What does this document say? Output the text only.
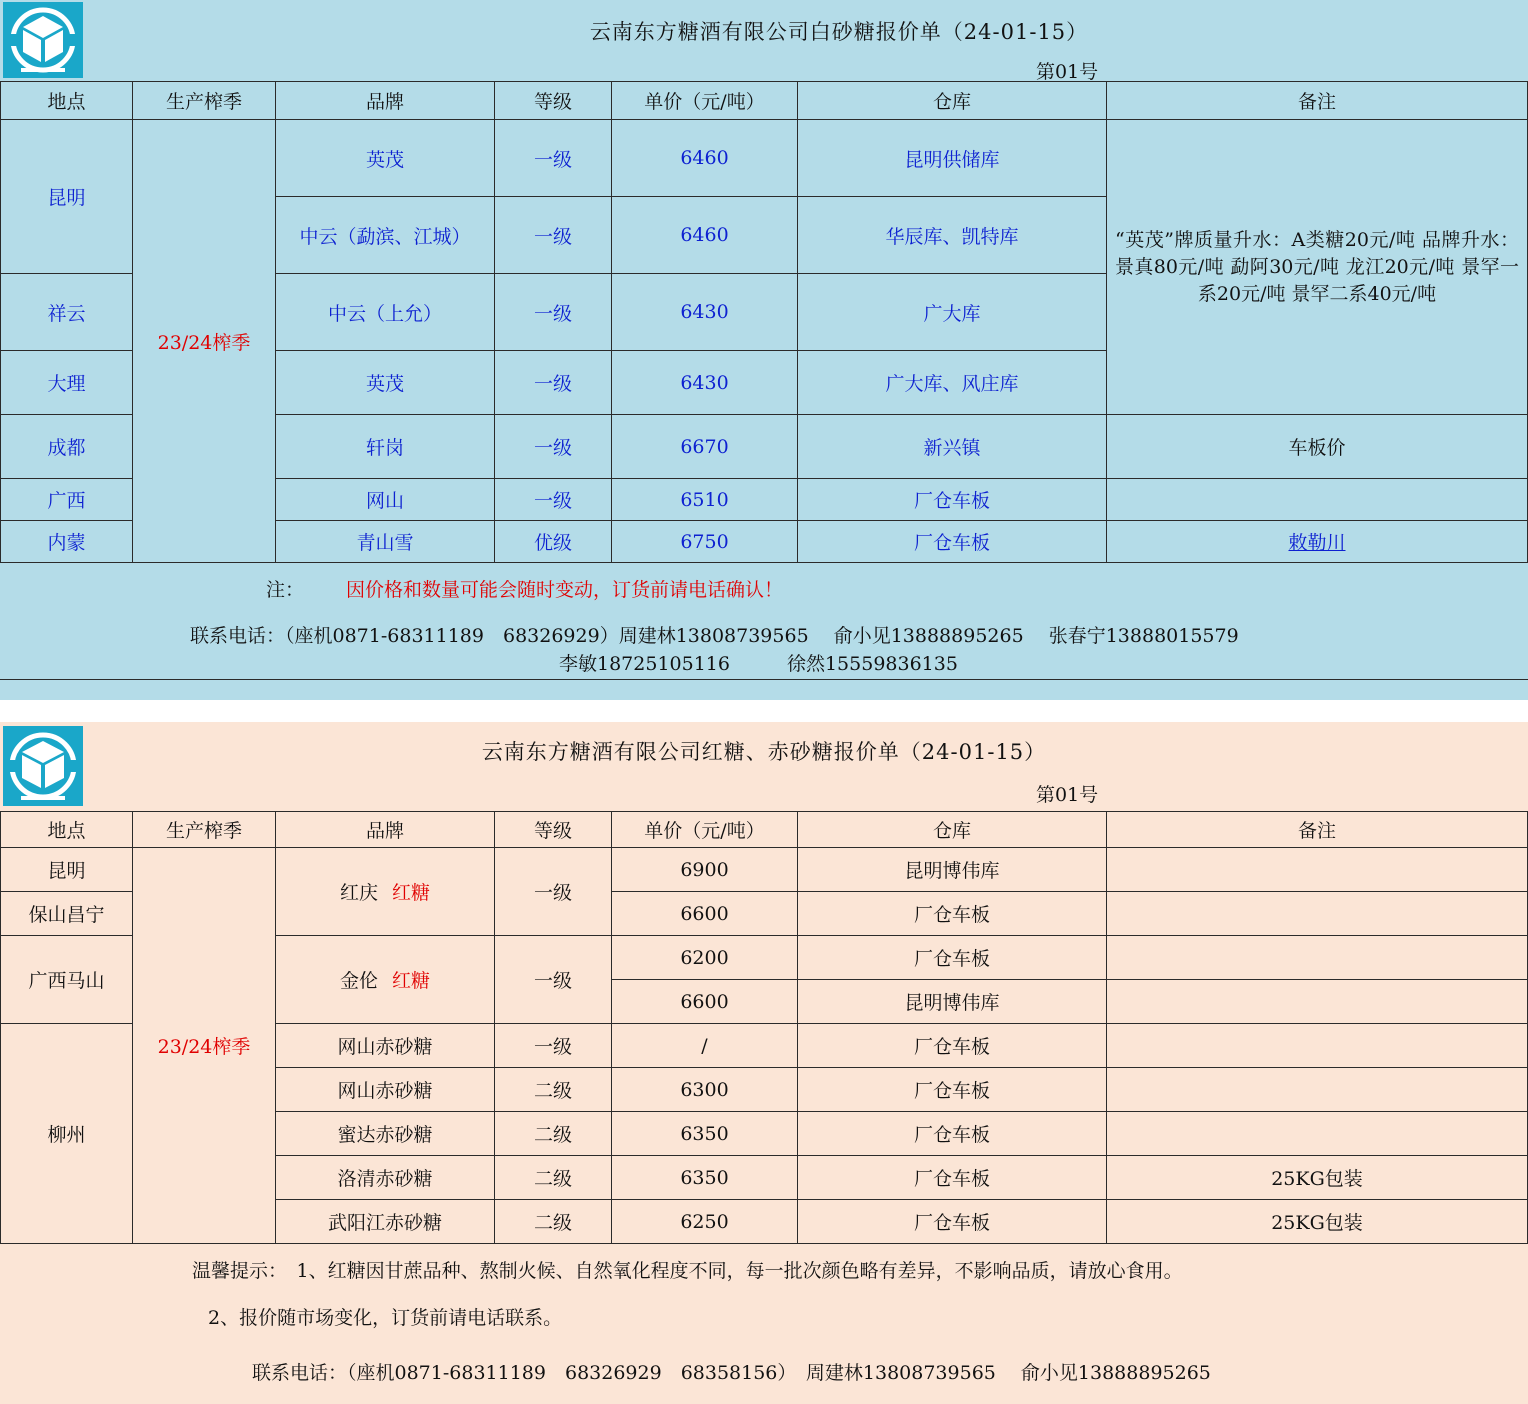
云南东方糖酒有限公司白砂糖报价单（24-01-15）
第01号
地点	生产榨季	品牌	等级	单价（元/吨）	仓库	备注
昆明	23/24榨季	英茂	一级	6460	昆明供储库	“英茂”牌质量升水：A类糖20元/吨 品牌升水：景真80元/吨 勐阿30元/吨 龙江20元/吨 景罕一系20元/吨 景罕二系40元/吨

		中云（勐滨、江城）	一级	6460	华辰库、凯特库	
祥云		中云（上允）	一级	6430	广大库	
大理		英茂	一级	6430	广大库、风庄库	
成都		轩岗	一级	6670	新兴镇	车板价
广西		网山	一级	6510	厂仓车板	
内蒙		青山雪	优级	6750	厂仓车板	敕勒川
注： 因价格和数量可能会随时变动，订货前请电话确认！
联系电话：（座机0871-68311189　68326929）周建林13808739565　 俞小见13888895265　 张春宁13888015579
李敏18725105116　　　徐然15559836135
云南东方糖酒有限公司红糖、赤砂糖报价单（24-01-15）
第01号
地点	生产榨季	品牌	等级	单价（元/吨）	仓库	备注
昆明	23/24榨季	红庆 红糖	一级	6900	昆明博伟库	
保山昌宁				6600	厂仓车板	
广西马山		金伦 红糖	一级	6200	厂仓车板	
				6600	昆明博伟库	
柳州		网山赤砂糖	一级	/	厂仓车板	
		网山赤砂糖	二级	6300	厂仓车板	
		蜜达赤砂糖	二级	6350	厂仓车板	
		洛清赤砂糖	二级	6350	厂仓车板	25KG包装
		武阳江赤砂糖	二级	6250	厂仓车板	25KG包装
温馨提示：　1、红糖因甘蔗品种、熬制火候、自然氧化程度不同，每一批次颜色略有差异，不影响品质，请放心食用。
2、报价随市场变化，订货前请电话联系。
联系电话：（座机0871-68311189　68326929　68358156）　周建林13808739565　 俞小见13888895265
